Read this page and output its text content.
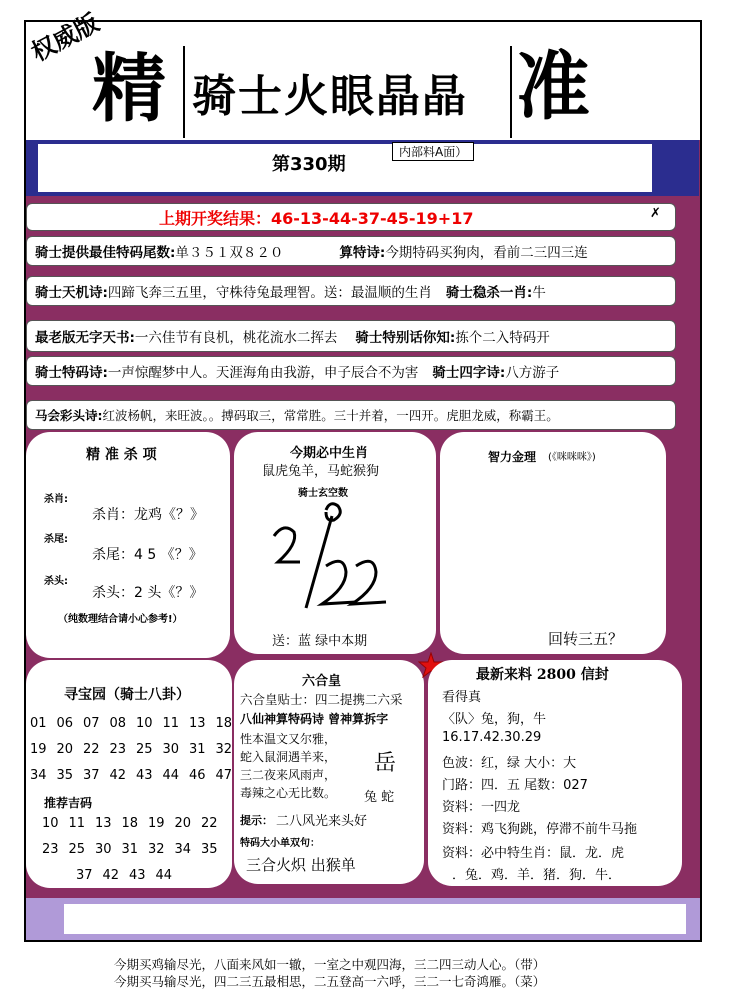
权威版
精 骑士火眼晶晶 准
第330期
内部料A面）
上期开奖结果：46-13-44-37-45-19+17	✗
骑士提供最佳特码尾数: 单３５１双８２０	算特诗: 今期特码买狗肉，看前二三四三连
骑士天机诗: 四蹄飞奔三五里，守株待兔最理智。送：最温顺的生肖 骑士稳杀一肖: 牛
最老版无字天书: 一六佳节有良机，桃花流水二挥去 骑士特别话你知: 拣个二入特码开
骑士特码诗: 一声惊醒梦中人。天涯海角由我游，申子辰合不为害 骑士四字诗: 八方游子
马会彩头诗: 红波杨帆，来旺波。。搏码取三，常常胜。三十并着，一四开。虎胆龙威，称霸王。
精 准 杀 项
杀肖:
杀肖：龙鸡《？》
杀尾:
杀尾：4 5 《？》
杀头:
杀头：2 头《？》
（纯数理结合请小心参考!）
今期必中生肖
鼠虎兔羊，马蛇猴狗
骑士玄空数
送：蓝 绿中本期
智力金理 (《咪咪咪》)
回转三五？
寻宝园（骑士八卦）
01 06 07 08 10 11 13 18
19 20 22 23 25 30 31 32
34 35 37 42 43 44 46 47
推荐吉码
10 11 13 18 19 20 22
23 25 30 31 32 34 35
37 42 43 44
六合皇
六合皇贴士：四二提携二六采
八仙神算特码诗 曾神算拆字
性本温文又尔雅，
蛇入鼠洞遇羊来，
三二夜来风雨声，
毒辣之心无比数。
岳
兔 蛇
提示： 二八风光来头好
特码大小单双句：
三合火炽 出猴单
最新来料 2800 信封
看得真
〈队〉兔，狗，牛
16.17.42.30.29
色波：红，绿 大小：大
门路：四．五 尾数：027
资料：一四龙
资料：鸡飞狗跳，停滞不前牛马拖
资料：必中特生肖：鼠．龙．虎
．兔．鸡．羊．猪．狗．牛．
今期买鸡输尽光，八面来风如一辙，一室之中观四海，三二四三动人心。（带）
今期买马输尽光，四二三五最相思，二五登高一六呼，三二一七奇鸿雁。（菜）
